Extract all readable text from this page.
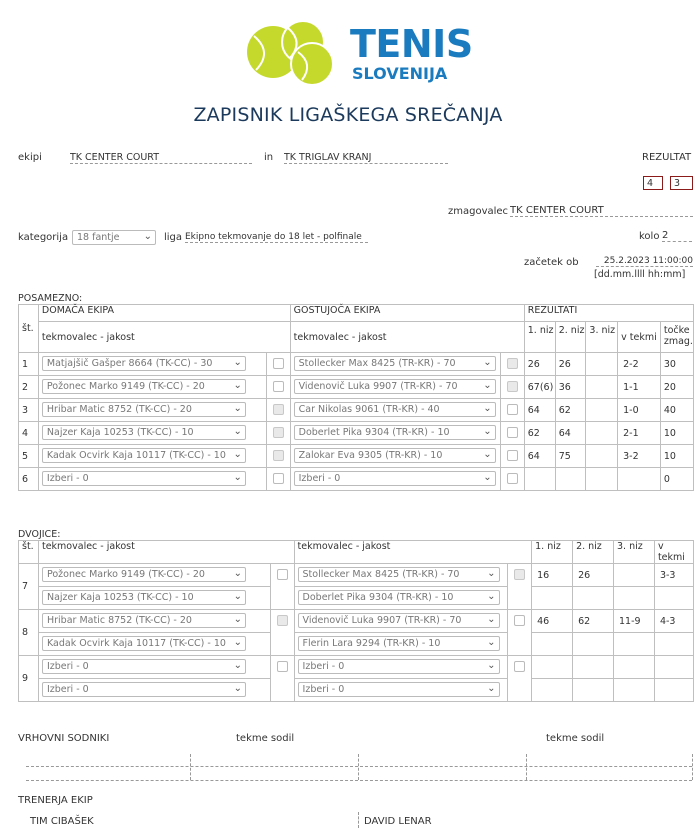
TENIS
SLOVENIJA
ZAPISNIK LIGAŠKEGA SREČANJA
ekipi	TK CENTER COURT	in TK TRIGLAV KRANJ	REZULTAT
4	3
zmagovalec TK CENTER COURT
kategorija 18 fantje ⌄ liga Ekipno tekmovanje do 18 let - polfinale	kolo 2
začetek ob	25.2.2023 11:00:00
[dd.mm.llll hh:mm]
POSAMEZNO:
št.	DOMAČA EKIPA		GOSTUJOČA EKIPA		REZULTATI				
	tekmovalec - jakost		tekmovalec - jakost		1. niz	2. niz	3. niz	v tekmi	točke zmag.
1	Matjajšič Gašper 8664 (TK-CC) - 30 ⌄		Stollecker Max 8425 (TR-KR) - 70 ⌄		26	26		2-2	30
2	Požonec Marko 9149 (TK-CC) - 20 ⌄		Videnovič Luka 9907 (TR-KR) - 70 ⌄		67(6)	36		1-1	20
3	Hribar Matic 8752 (TK-CC) - 20 ⌄		Car Nikolas 9061 (TR-KR) - 40 ⌄		64	62		1-0	40
4	Najzer Kaja 10253 (TK-CC) - 10 ⌄		Doberlet Pika 9304 (TR-KR) - 10 ⌄		62	64		2-1	10
5	Kadak Ocvirk Kaja 10117 (TK-CC) - 10 ⌄		Zalokar Eva 9305 (TR-KR) - 10 ⌄		64	75		3-2	10
6	Izberi - 0 ⌄		Izberi - 0 ⌄						0
DVOJICE:
št.	tekmovalec - jakost		tekmovalec - jakost		1. niz	2. niz	3. niz	v tekmi
7	Požonec Marko 9149 (TK-CC) - 20 ⌄		Stollecker Max 8425 (TR-KR) - 70 ⌄		16	26		3-3

	Najzer Kaja 10253 (TK-CC) - 10 ⌄		Doberlet Pika 9304 (TR-KR) - 10 ⌄					

8	Hribar Matic 8752 (TK-CC) - 20 ⌄		Videnovič Luka 9907 (TR-KR) - 70 ⌄		46	62	11-9	4-3

	Kadak Ocvirk Kaja 10117 (TK-CC) - 10 ⌄		Flerin Lara 9294 (TR-KR) - 10 ⌄					

9	Izberi - 0 ⌄		Izberi - 0 ⌄					

	Izberi - 0 ⌄		Izberi - 0 ⌄					

VRHOVNI SODNIKI	tekme sodil	tekme sodil
TRENERJA EKIP
TIM CIBAŠEK	DAVID LENAR
